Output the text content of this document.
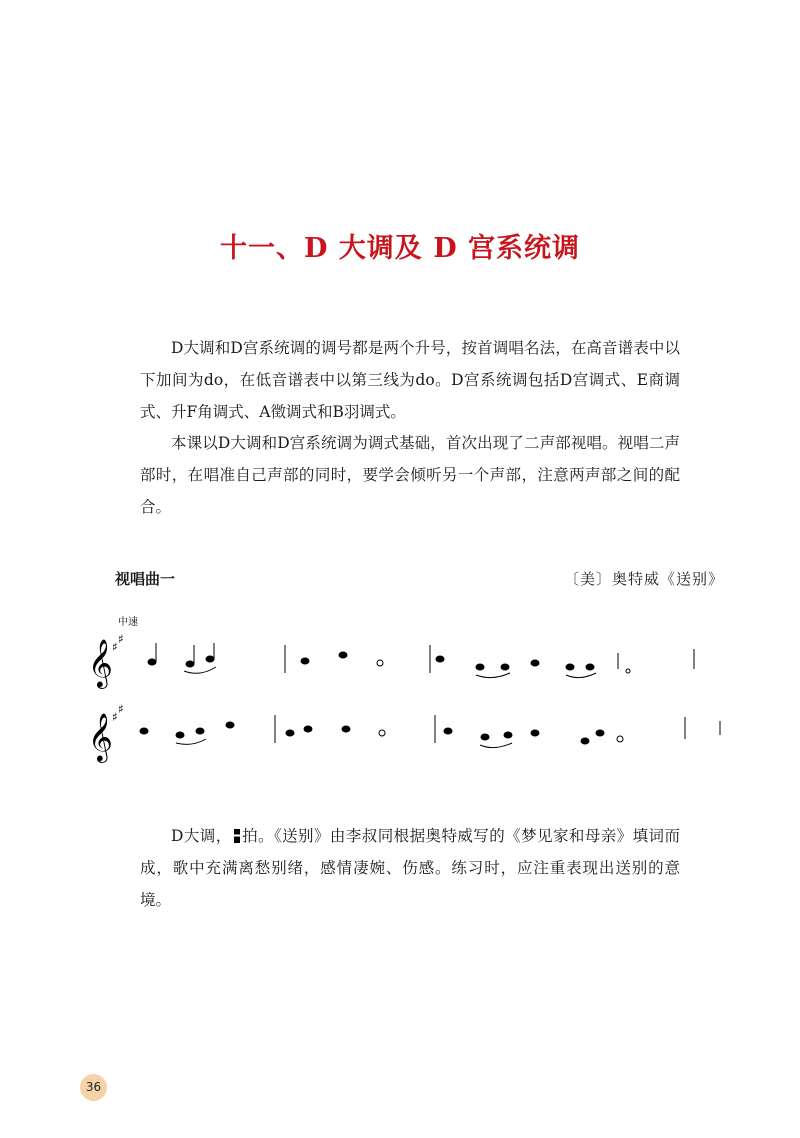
十一、D 大调及 D 宫系统调

D大调和D宫系统调的调号都是两个升号，按首调唱名法，在高音谱表中以下加间为do，在低音谱表中以第三线为do。D宫系统调包括D宫调式、E商调式、升F角调式、A徵调式和B羽调式。

本课以D大调和D宫系统调为调式基础，首次出现了二声部视唱。视唱二声部时，在唱准自己声部的同时，要学会倾听另一个声部，注意两声部之间的配合。

视唱曲一	〔美〕奥特威《送别》
中速
𝄞 ♯
♯
𝄞 ♯
♯

D大调， 拍。《送别》由李叔同根据奥特威写的《梦见家和母亲》填词而成，歌中充满离愁别绪，感情凄婉、伤感。练习时，应注重表现出送别的意境。

36
